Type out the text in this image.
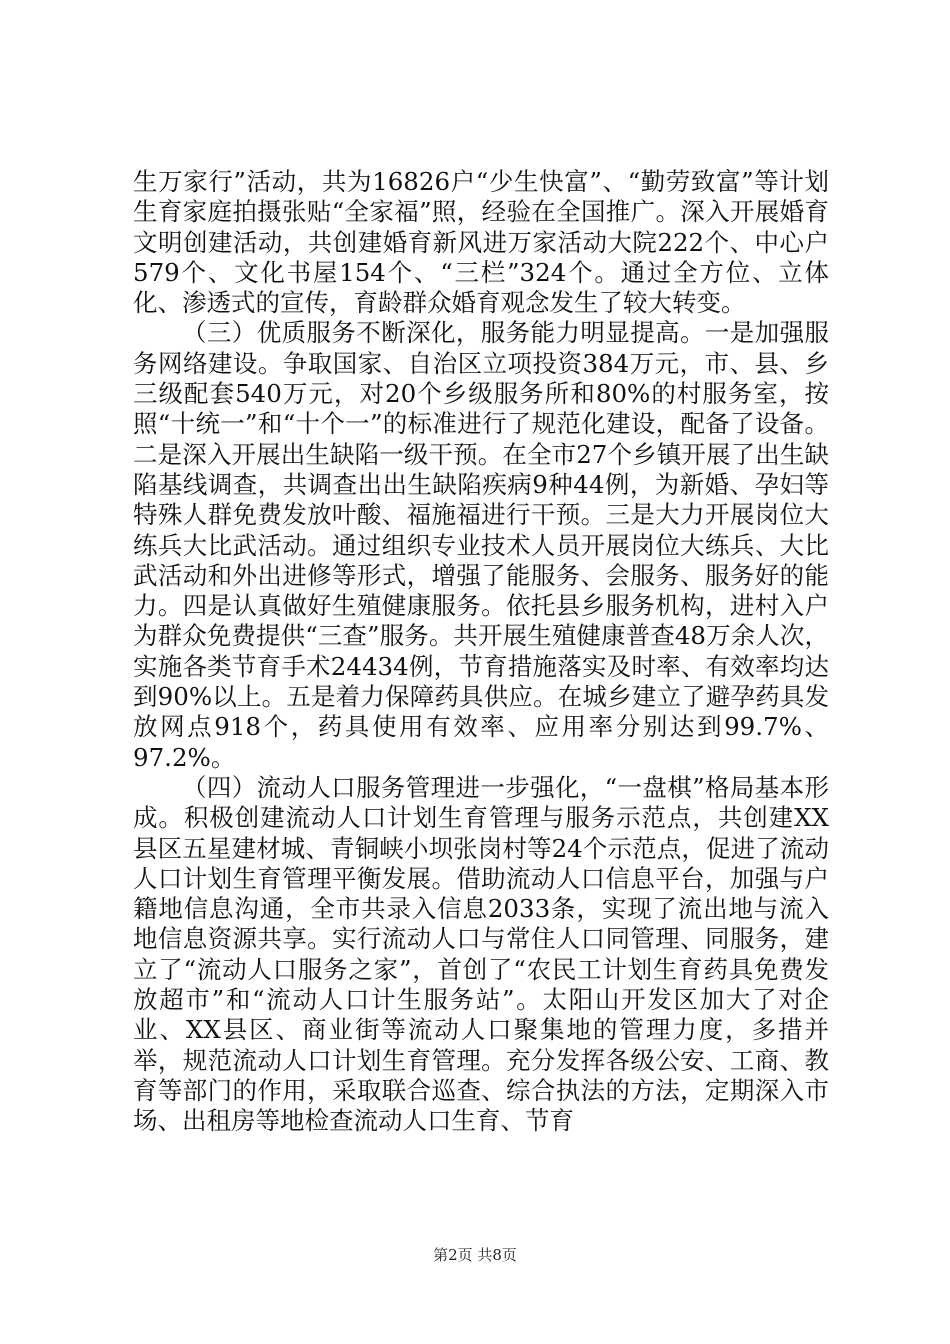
生万家行”活动，共为16826户“少生快富”、“勤劳致富”等计划生育家庭拍摄张贴“全家福”照，经验在全国推广。深入开展婚育文明创建活动，共创建婚育新风进万家活动大院222个、中心户579个、文化书屋154个、“三栏”324个。通过全方位、立体化、渗透式的宣传，育龄群众婚育观念发生了较大转变。

（三）优质服务不断深化，服务能力明显提高。一是加强服务网络建设。争取国家、自治区立项投资384万元，市、县、乡三级配套540万元，对20个乡级服务所和80%的村服务室，按照“十统一”和“十个一”的标准进行了规范化建设，配备了设备。二是深入开展出生缺陷一级干预。在全市27个乡镇开展了出生缺陷基线调查，共调查出出生缺陷疾病9种44例，为新婚、孕妇等特殊人群免费发放叶酸、福施福进行干预。三是大力开展岗位大练兵大比武活动。通过组织专业技术人员开展岗位大练兵、大比武活动和外出进修等形式，增强了能服务、会服务、服务好的能力。四是认真做好生殖健康服务。依托县乡服务机构，进村入户为群众免费提供“三查”服务。共开展生殖健康普查48万余人次，实施各类节育手术24434例，节育措施落实及时率、有效率均达到90%以上。五是着力保障药具供应。在城乡建立了避孕药具发放网点918个，药具使用有效率、应用率分别达到99.7%、97.2%。

（四）流动人口服务管理进一步强化，“一盘棋”格局基本形成。积极创建流动人口计划生育管理与服务示范点，共创建XX县区五星建材城、青铜峡小坝张岗村等24个示范点，促进了流动人口计划生育管理平衡发展。借助流动人口信息平台，加强与户籍地信息沟通，全市共录入信息2033条，实现了流出地与流入地信息资源共享。实行流动人口与常住人口同管理、同服务，建立了“流动人口服务之家”，首创了“农民工计划生育药具免费发放超市”和“流动人口计生服务站”。太阳山开发区加大了对企业、XX县区、商业街等流动人口聚集地的管理力度，多措并举，规范流动人口计划生育管理。充分发挥各级公安、工商、教育等部门的作用，采取联合巡查、综合执法的方法，定期深入市场、出租房等地检查流动人口生育、节育

第2页 共8页
